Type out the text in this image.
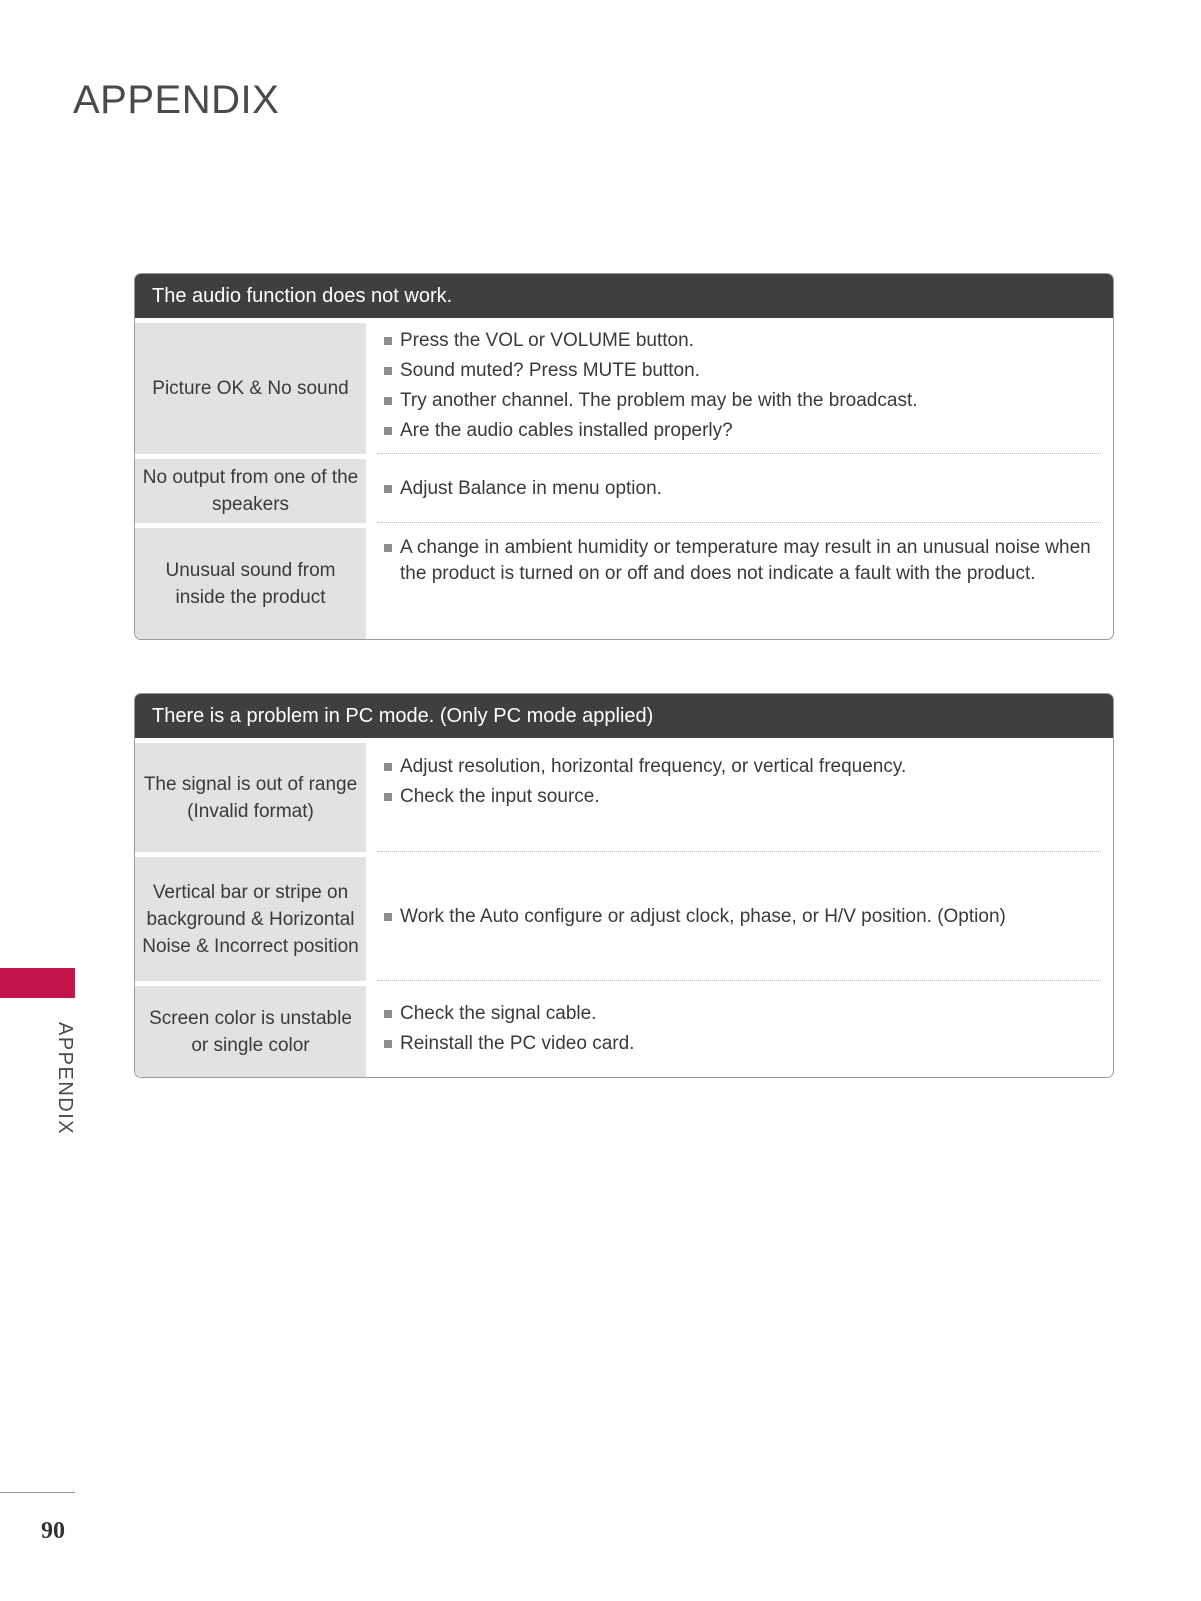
APPENDIX
The audio function does not work.
Picture OK & No sound
Press the VOL or VOLUME button.
Sound muted? Press MUTE button.
Try another channel. The problem may be with the broadcast.
Are the audio cables installed properly?
No output from one of the speakers
Adjust Balance in menu option.
Unusual sound from inside the product
A change in ambient humidity or temperature may result in an unusual noise when the product is turned on or off and does not indicate a fault with the product.
There is a problem in PC mode. (Only PC mode applied)
The signal is out of range (Invalid format)
Adjust resolution, horizontal frequency, or vertical frequency.
Check the input source.
Vertical bar or stripe on background & Horizontal Noise & Incorrect position
Work the Auto configure or adjust clock, phase, or H/V position. (Option)
Screen color is unstable or single color
Check the signal cable.
Reinstall the PC video card.
APPENDIX
90
